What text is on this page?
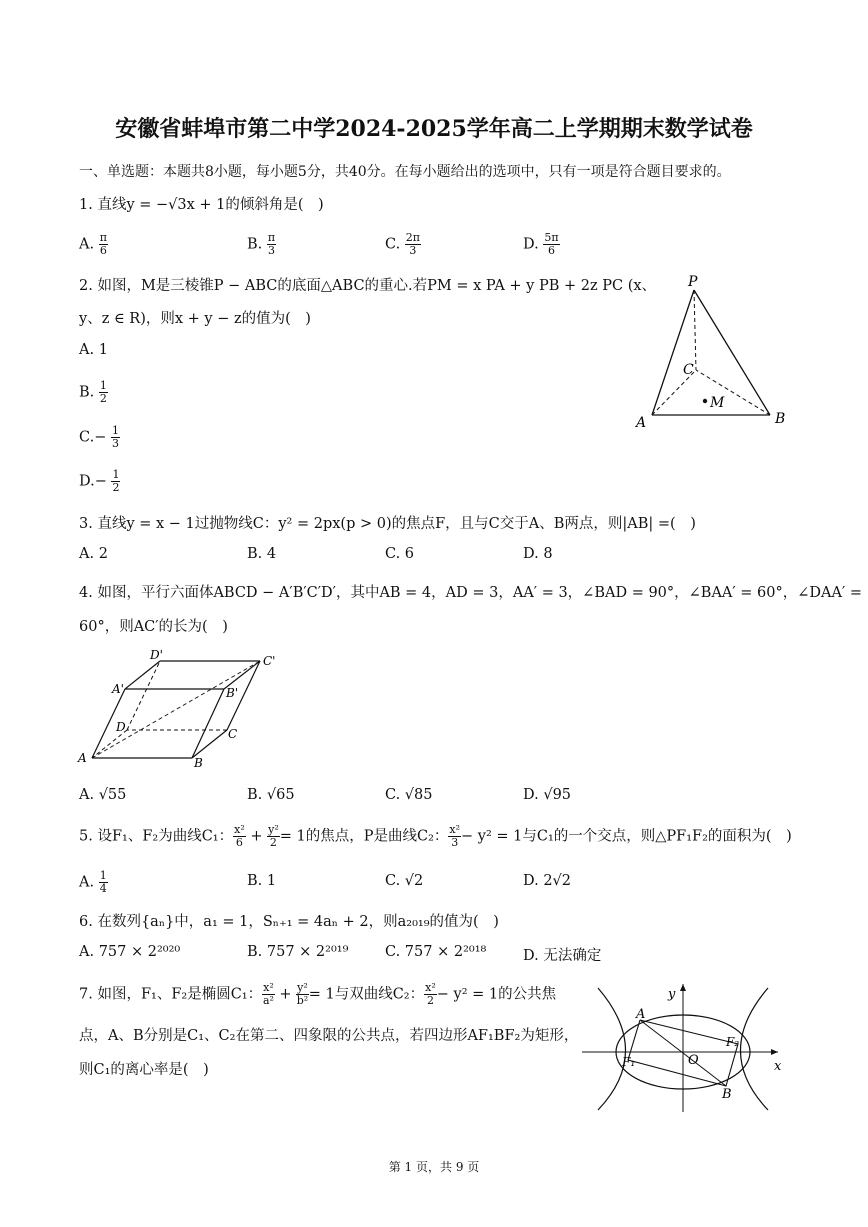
安徽省蚌埠市第二中学2024-2025学年高二上学期期末数学试卷
一、单选题：本题共8小题，每小题5分，共40分。在每小题给出的选项中，只有一项是符合题目要求的。
1. 直线y = −√3x + 1的倾斜角是(　)
A. $\frac{\pi}{6}$	B. $\frac{\pi}{3}$	C. $\frac{2\pi}{3}$	D. $\frac{5\pi}{6}$
2. 如图，M是三棱锥P − ABC的底面△ABC的重心.若PM = x PA + y PB + 2z PC (x、
y、z ∈ R)，则x + y − z的值为(　)
A. 1
B. $\frac{1}{2}$
$C.- \frac{1}{3}$
$D.- \frac{1}{2}$
P
C
M
A	B
3. 直线y = x − 1过抛物线C：y² = 2px(p > 0)的焦点F，且与C交于A、B两点，则|AB| =(　)
A. 2	B. 4	C. 6	D. 8
4. 如图，平行六面体ABCD − A′B′C′D′，其中AB = 4，AD = 3，AA′ = 3，∠BAD = 90°，∠BAA′ = 60°，∠DAA′ =
60°，则AC′的长为(　)
D'	C'
A'	B'
D	C
A	B
A. √55	B. √65	C. √85	D. √95
5. 设F₁、F₂为曲线C₁： $\frac{\text{x²}}{6} + \frac{\text{y²}}{2} = 1$的焦点，P是曲线C₂： $\frac{\text{x²}}{3} - y^2 = 1$与C₁的一个交点，则△PF₁F₂的面积为(　)
A. $\frac{1}{4}$	B. 1	C. √2	D. 2√2
6. 在数列{aₙ}中，a₁ = 1，Sₙ₊₁ = 4aₙ + 2，则a₂₀₁₉的值为(　)
A. 757 × 2²⁰²⁰	B. 757 × 2²⁰¹⁹	C. 757 × 2²⁰¹⁸	D. 无法确定
7. 如图，F₁、F₂是椭圆C₁： $\frac{\text{x²}}{\text{a²}} + \frac{\text{y²}}{\text{b²}} = 1$与双曲线C₂： $\frac{\text{x²}}{2} - y^2 = 1$的公共焦
点，A、B分别是C₁、C₂在第二、四象限的公共点，若四边形AF₁BF₂为矩形，
则C₁的离心率是(　)
A
B
O
y
x
F₁
F₂
第 1 页，共 9 页
